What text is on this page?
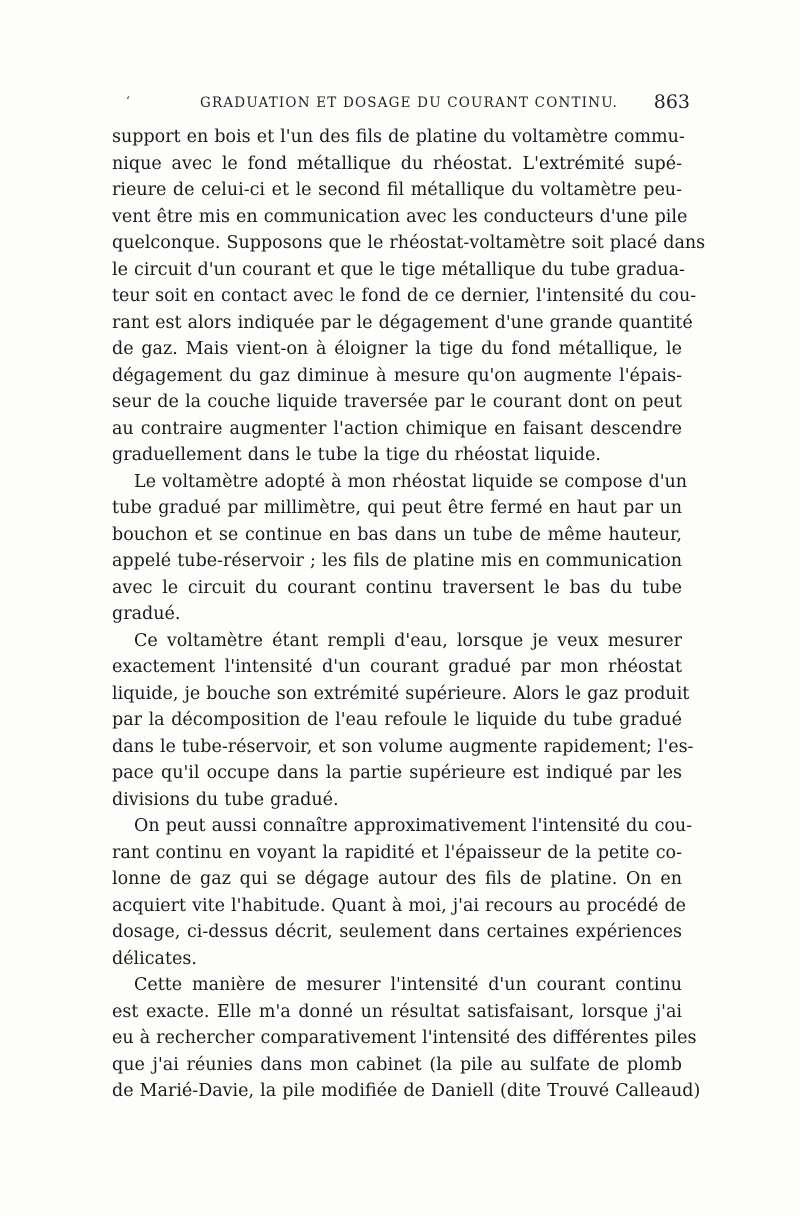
ʻ	GRADUATION ET DOSAGE DU COURANT CONTINU. 863
support en bois et l'un des fils de platine du voltamètre commu-
nique avec le fond métallique du rhéostat. L'extrémité supé-
rieure de celui-ci et le second fil métallique du voltamètre peu-
vent être mis en communication avec les conducteurs d'une pile
quelconque. Supposons que le rhéostat-voltamètre soit placé dans
le circuit d'un courant et que le tige métallique du tube gradua-
teur soit en contact avec le fond de ce dernier, l'intensité du cou-
rant est alors indiquée par le dégagement d'une grande quantité
de gaz. Mais vient-on à éloigner la tige du fond métallique, le
dégagement du gaz diminue à mesure qu'on augmente l'épais-
seur de la couche liquide traversée par le courant dont on peut
au contraire augmenter l'action chimique en faisant descendre
graduellement dans le tube la tige du rhéostat liquide.
Le voltamètre adopté à mon rhéostat liquide se compose d'un
tube gradué par millimètre, qui peut être fermé en haut par un
bouchon et se continue en bas dans un tube de même hauteur,
appelé tube-réservoir ; les fils de platine mis en communication
avec le circuit du courant continu traversent le bas du tube
gradué.
Ce voltamètre étant rempli d'eau, lorsque je veux mesurer
exactement l'intensité d'un courant gradué par mon rhéostat
liquide, je bouche son extrémité supérieure. Alors le gaz produit
par la décomposition de l'eau refoule le liquide du tube gradué
dans le tube-réservoir, et son volume augmente rapidement; l'es-
pace qu'il occupe dans la partie supérieure est indiqué par les
divisions du tube gradué.
On peut aussi connaître approximativement l'intensité du cou-
rant continu en voyant la rapidité et l'épaisseur de la petite co-
lonne de gaz qui se dégage autour des fils de platine. On en
acquiert vite l'habitude. Quant à moi, j'ai recours au procédé de
dosage, ci-dessus décrit, seulement dans certaines expériences
délicates.
Cette manière de mesurer l'intensité d'un courant continu
est exacte. Elle m'a donné un résultat satisfaisant, lorsque j'ai
eu à rechercher comparativement l'intensité des différentes piles
que j'ai réunies dans mon cabinet (la pile au sulfate de plomb
de Marié-Davie, la pile modifiée de Daniell (dite Trouvé Calleaud)
